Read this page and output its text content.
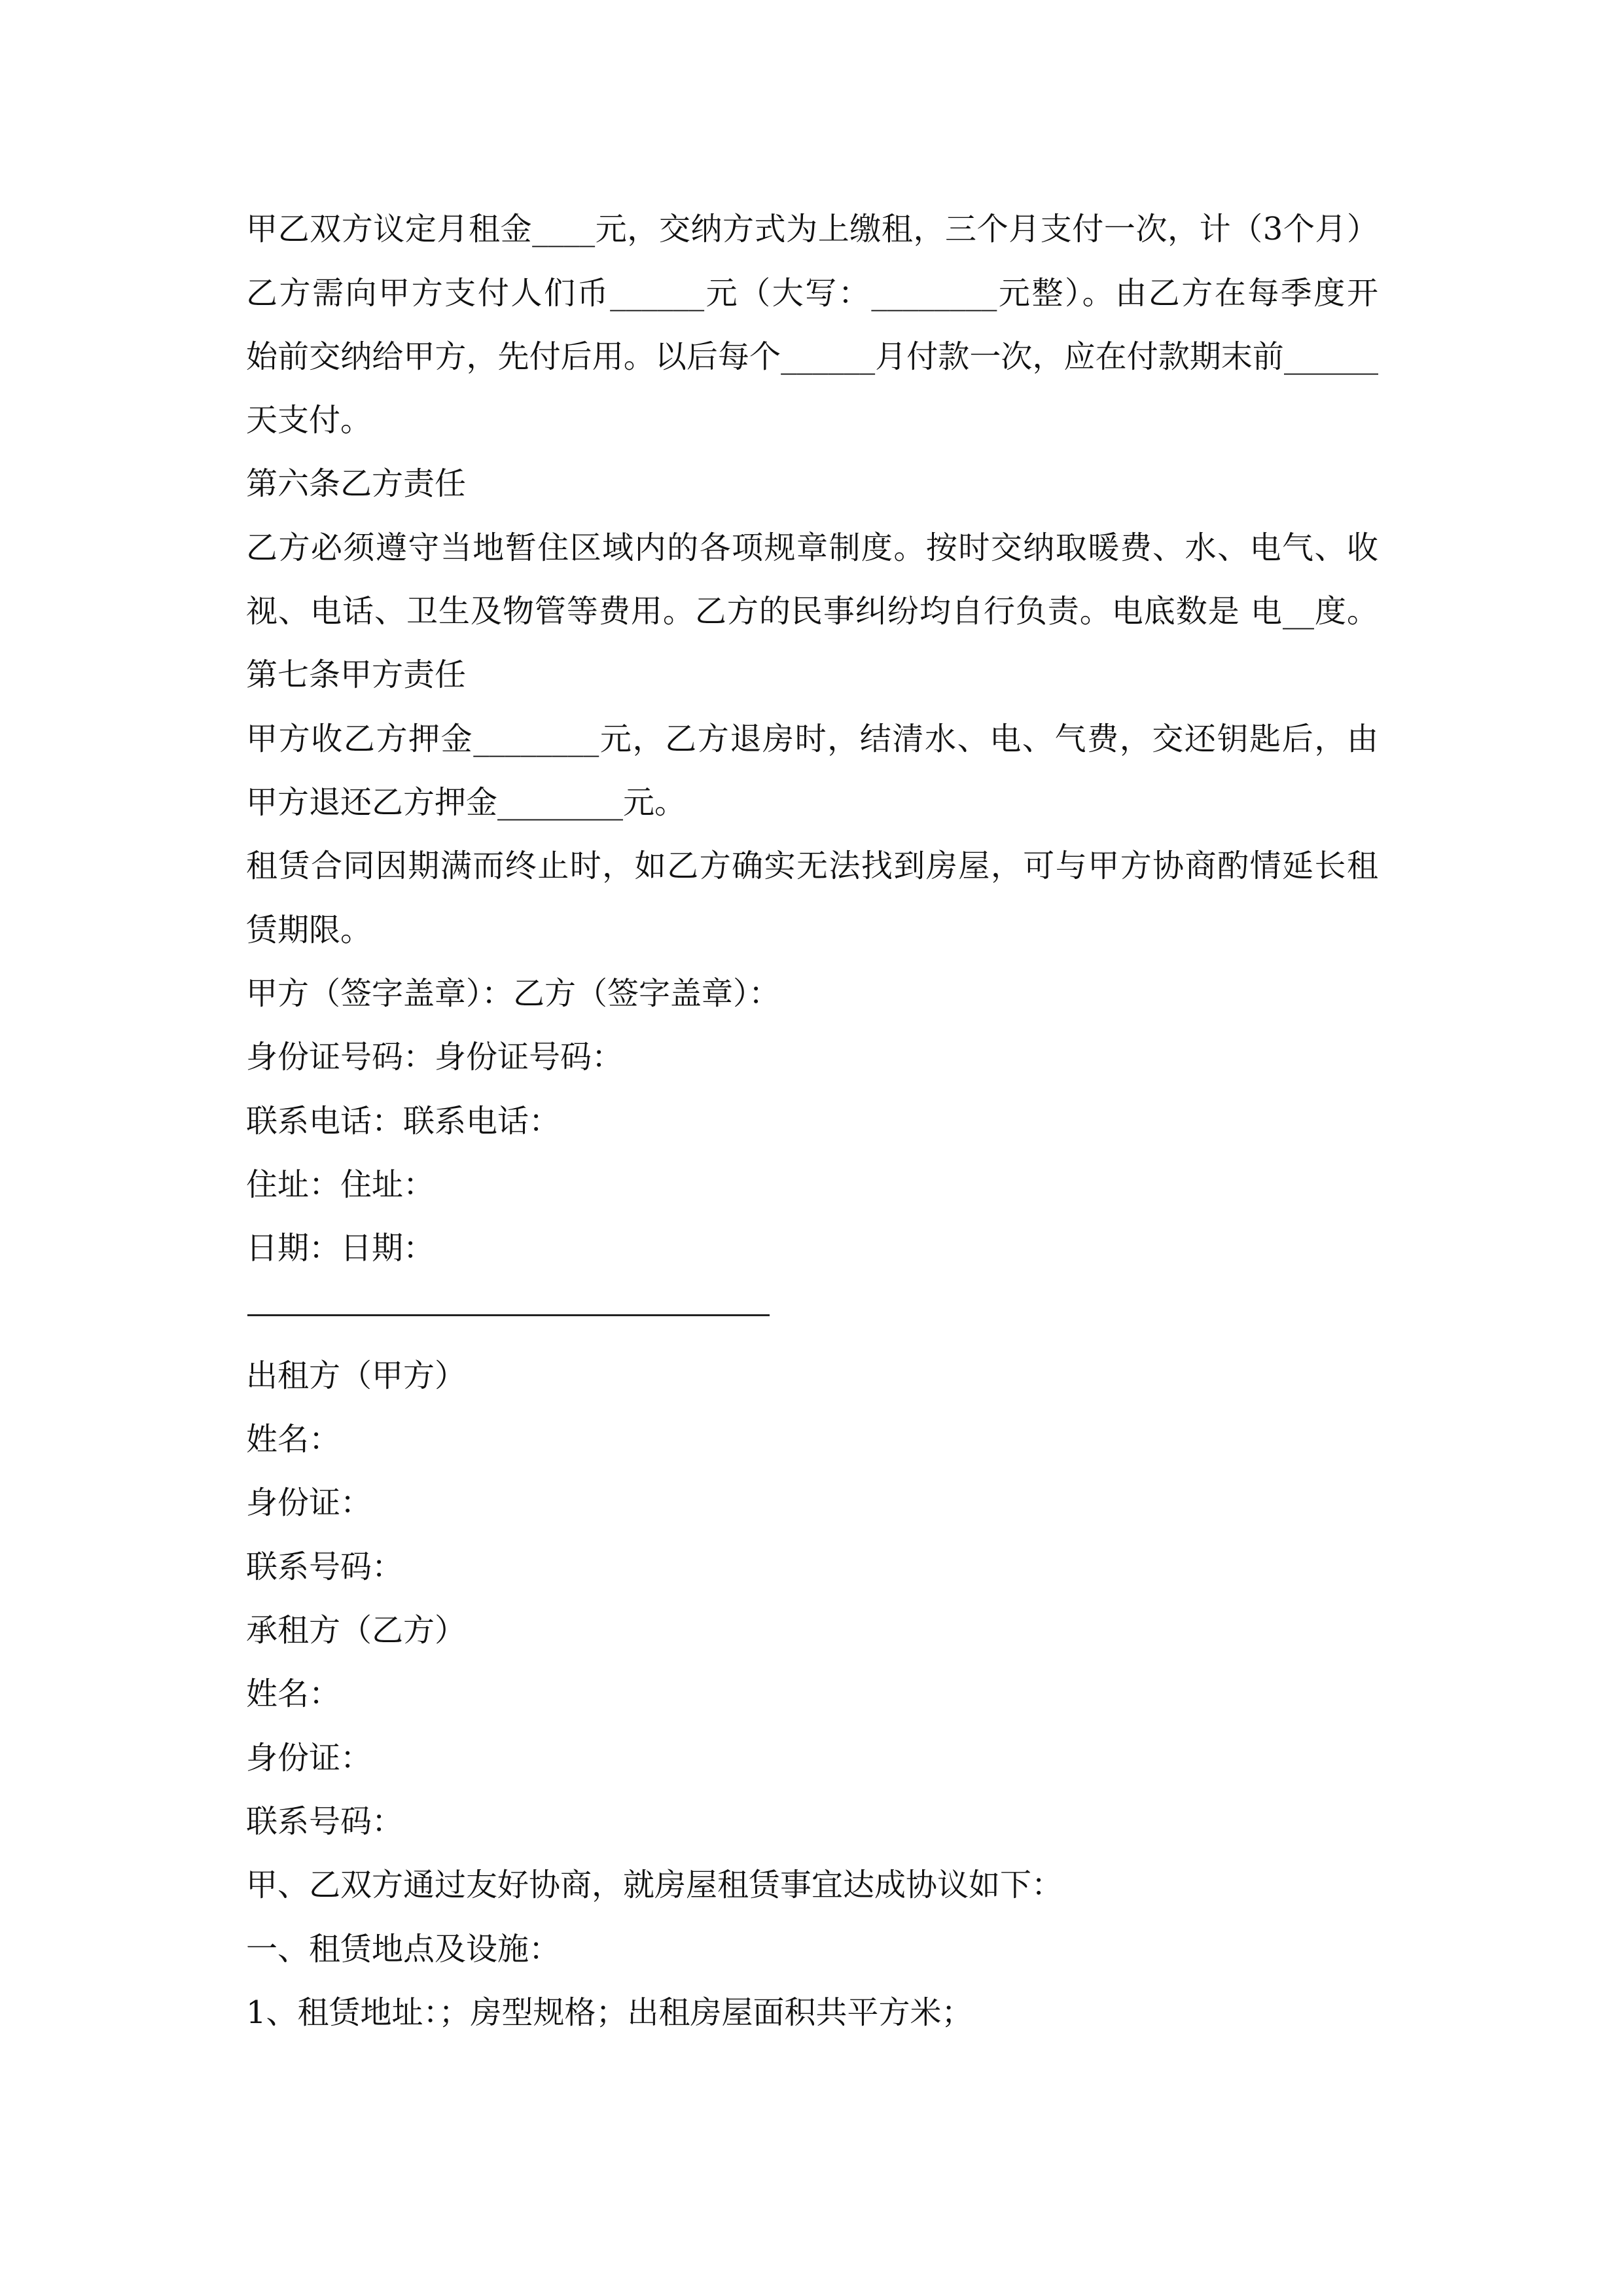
甲乙双方议定月租金____元，交纳方式为上缴租，三个月支付一次，计（3个月）
乙方需向甲方支付人们币______元（大写：________元整）。由乙方在每季度开
始前交纳给甲方，先付后用。以后每个______月付款一次，应在付款期末前______
天支付。
第六条乙方责任
乙方必须遵守当地暂住区域内的各项规章制度。按时交纳取暖费、水、电气、收
视、电话、卫生及物管等费用。乙方的民事纠纷均自行负责。电底数是 电__度。
第七条甲方责任
甲方收乙方押金________元，乙方退房时，结清水、电、气费，交还钥匙后，由
甲方退还乙方押金________元。
租赁合同因期满而终止时，如乙方确实无法找到房屋，可与甲方协商酌情延长租
赁期限。
甲方（签字盖章）：乙方（签字盖章）：
身份证号码：身份证号码：
联系电话：联系电话：
住址：住址：
日期：日期：
出租方（甲方）
姓名：
身份证：
联系号码：
承租方（乙方）
姓名：
身份证：
联系号码：
甲、乙双方通过友好协商，就房屋租赁事宜达成协议如下：
一、租赁地点及设施：
1、租赁地址：；房型规格；出租房屋面积共平方米；
